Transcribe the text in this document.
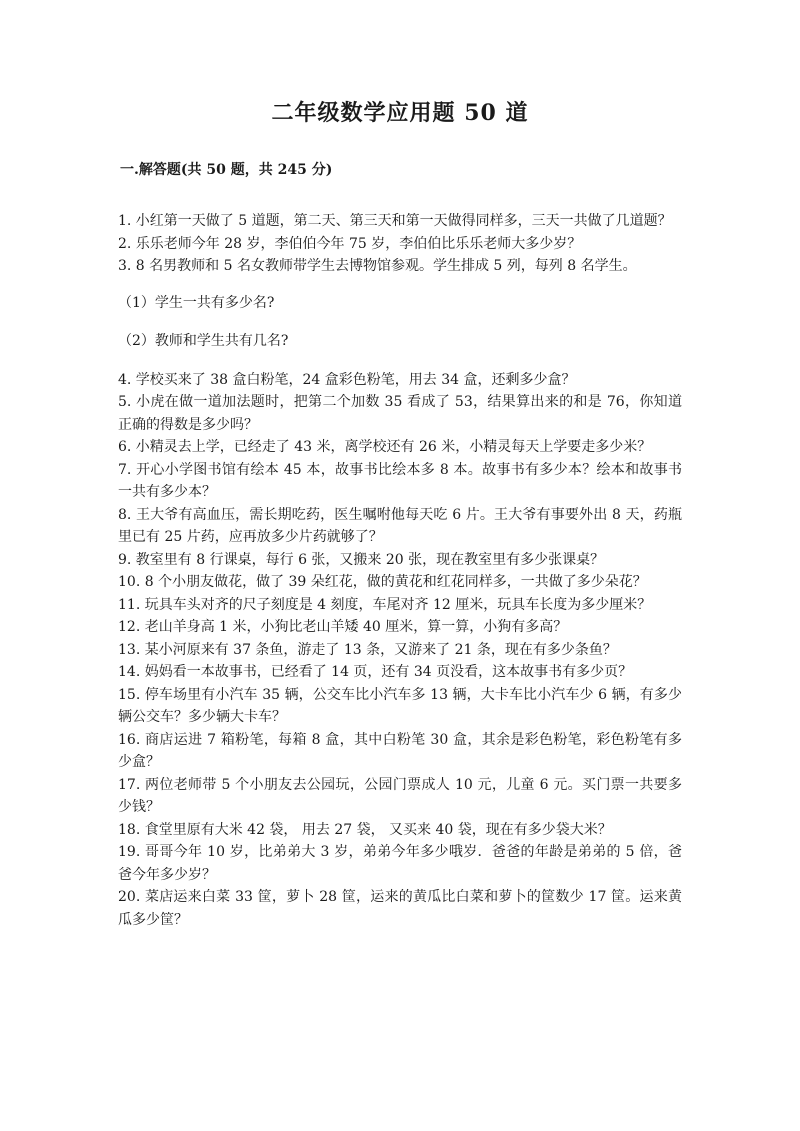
二年级数学应用题 50 道
一.解答题(共 50 题，共 245 分)

1. 小红第一天做了 5 道题，第二天、第三天和第一天做得同样多，三天一共做了几道题？

2. 乐乐老师今年 28 岁，李伯伯今年 75 岁，李伯伯比乐乐老师大多少岁？

3. 8 名男教师和 5 名女教师带学生去博物馆参观。学生排成 5 列，每列 8 名学生。

（1）学生一共有多少名?

（2）教师和学生共有几名?

4. 学校买来了 38 盒白粉笔，24 盒彩色粉笔，用去 34 盒，还剩多少盒？

5. 小虎在做一道加法题时，把第二个加数 35 看成了 53，结果算出来的和是 76，你知道正确的得数是多少吗？

6. 小精灵去上学，已经走了 43 米，离学校还有 26 米，小精灵每天上学要走多少米？

7. 开心小学图书馆有绘本 45 本，故事书比绘本多 8 本。故事书有多少本？绘本和故事书一共有多少本？

8. 王大爷有高血压，需长期吃药，医生嘱咐他每天吃 6 片。王大爷有事要外出 8 天，药瓶里已有 25 片药，应再放多少片药就够了？

9. 教室里有 8 行课桌，每行 6 张，又搬来 20 张，现在教室里有多少张课桌？

10. 8 个小朋友做花，做了 39 朵红花，做的黄花和红花同样多，一共做了多少朵花？

11. 玩具车头对齐的尺子刻度是 4 刻度，车尾对齐 12 厘米，玩具车长度为多少厘米？

12. 老山羊身高 1 米，小狗比老山羊矮 40 厘米，算一算，小狗有多高？

13. 某小河原来有 37 条鱼，游走了 13 条，又游来了 21 条，现在有多少条鱼？

14. 妈妈看一本故事书，已经看了 14 页，还有 34 页没看，这本故事书有多少页？

15. 停车场里有小汽车 35 辆，公交车比小汽车多 13 辆，大卡车比小汽车少 6 辆，有多少辆公交车？多少辆大卡车？

16. 商店运进 7 箱粉笔，每箱 8 盒，其中白粉笔 30 盒，其余是彩色粉笔，彩色粉笔有多少盒？

17. 两位老师带 5 个小朋友去公园玩，公园门票成人 10 元，儿童 6 元。买门票一共要多少钱？

18. 食堂里原有大米 42 袋， 用去 27 袋， 又买来 40 袋，现在有多少袋大米？

19. 哥哥今年 10 岁，比弟弟大 3 岁，弟弟今年多少哦岁．爸爸的年龄是弟弟的 5 倍，爸爸今年多少岁？

20. 菜店运来白菜 33 筐，萝卜 28 筐，运来的黄瓜比白菜和萝卜的筐数少 17 筐。运来黄瓜多少筐？
